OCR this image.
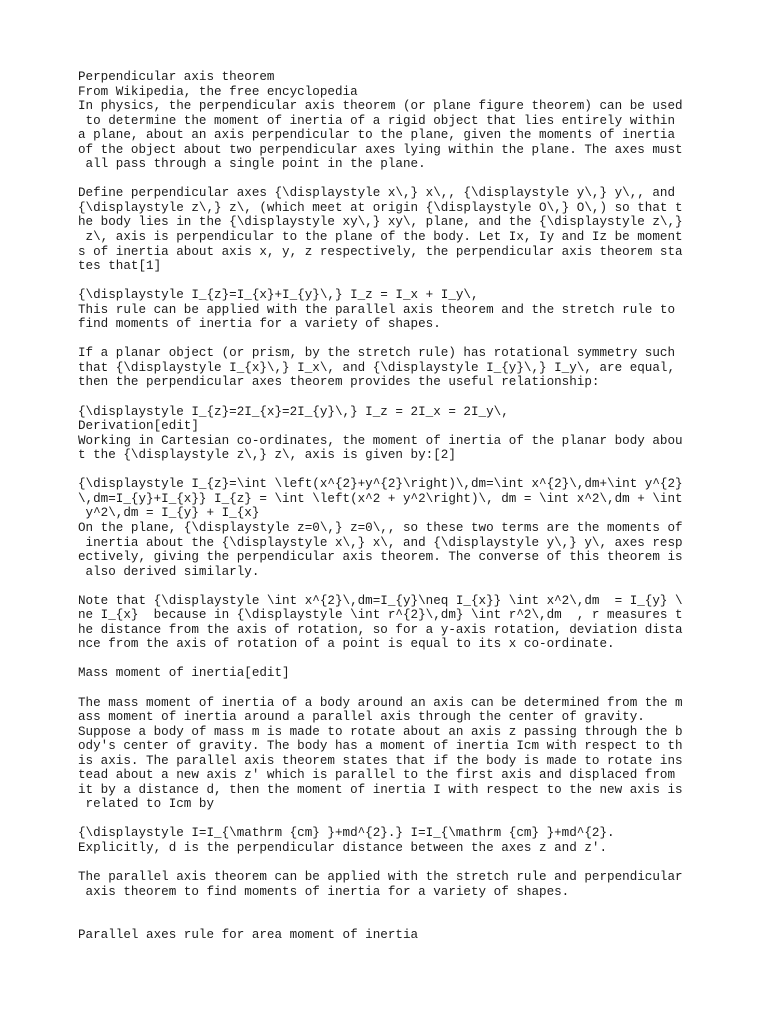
Perpendicular axis theorem
From Wikipedia, the free encyclopedia
In physics, the perpendicular axis theorem (or plane figure theorem) can be used
to determine the moment of inertia of a rigid object that lies entirely within
a plane, about an axis perpendicular to the plane, given the moments of inertia
of the object about two perpendicular axes lying within the plane. The axes must
all pass through a single point in the plane.
Define perpendicular axes {\displaystyle x\,} x\,, {\displaystyle y\,} y\,, and
{\displaystyle z\,} z\, (which meet at origin {\displaystyle O\,} O\,) so that t
he body lies in the {\displaystyle xy\,} xy\, plane, and the {\displaystyle z\,}
z\, axis is perpendicular to the plane of the body. Let Ix, Iy and Iz be moment
s of inertia about axis x, y, z respectively, the perpendicular axis theorem sta
tes that[1]
{\displaystyle I_{z}=I_{x}+I_{y}\,} I_z = I_x + I_y\,
This rule can be applied with the parallel axis theorem and the stretch rule to
find moments of inertia for a variety of shapes.
If a planar object (or prism, by the stretch rule) has rotational symmetry such
that {\displaystyle I_{x}\,} I_x\, and {\displaystyle I_{y}\,} I_y\, are equal,
then the perpendicular axes theorem provides the useful relationship:
{\displaystyle I_{z}=2I_{x}=2I_{y}\,} I_z = 2I_x = 2I_y\,
Derivation[edit]
Working in Cartesian co-ordinates, the moment of inertia of the planar body abou
t the {\displaystyle z\,} z\, axis is given by:[2]
{\displaystyle I_{z}=\int \left(x^{2}+y^{2}\right)\,dm=\int x^{2}\,dm+\int y^{2}
\,dm=I_{y}+I_{x}} I_{z} = \int \left(x^2 + y^2\right)\, dm = \int x^2\,dm + \int
y^2\,dm = I_{y} + I_{x}
On the plane, {\displaystyle z=0\,} z=0\,, so these two terms are the moments of
inertia about the {\displaystyle x\,} x\, and {\displaystyle y\,} y\, axes resp
ectively, giving the perpendicular axis theorem. The converse of this theorem is
also derived similarly.
Note that {\displaystyle \int x^{2}\,dm=I_{y}\neq I_{x}} \int x^2\,dm  = I_{y} \
ne I_{x}  because in {\displaystyle \int r^{2}\,dm} \int r^2\,dm  , r measures t
he distance from the axis of rotation, so for a y-axis rotation, deviation dista
nce from the axis of rotation of a point is equal to its x co-ordinate.
Mass moment of inertia[edit]
The mass moment of inertia of a body around an axis can be determined from the m
ass moment of inertia around a parallel axis through the center of gravity.
Suppose a body of mass m is made to rotate about an axis z passing through the b
ody's center of gravity. The body has a moment of inertia Icm with respect to th
is axis. The parallel axis theorem states that if the body is made to rotate ins
tead about a new axis z' which is parallel to the first axis and displaced from
it by a distance d, then the moment of inertia I with respect to the new axis is
related to Icm by
{\displaystyle I=I_{\mathrm {cm} }+md^{2}.} I=I_{\mathrm {cm} }+md^{2}.
Explicitly, d is the perpendicular distance between the axes z and z'.
The parallel axis theorem can be applied with the stretch rule and perpendicular
axis theorem to find moments of inertia for a variety of shapes.
Parallel axes rule for area moment of inertia
